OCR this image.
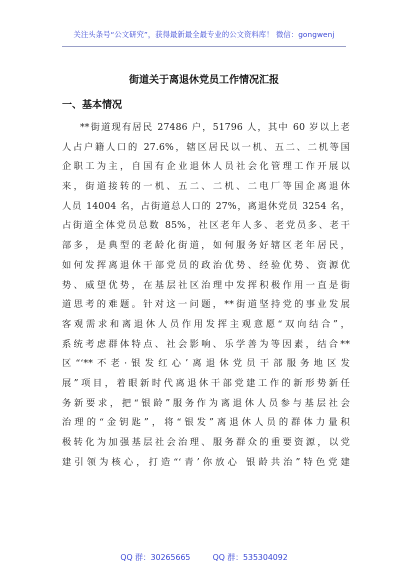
关注头条号“公文研究”，获得最新最全最专业的公文资料库！ 微信：gongwenj
街道关于离退休党员工作情况汇报
一、基本情况
**街道现有居民 27486 户，51796 人，其中 60 岁以上老
人占户籍人口的 27.6%，辖区居民以一机、五二、二机等国
企职工为主，自国有企业退休人员社会化管理工作开展以
来，街道接转的一机、五二、二机、二电厂等国企离退休
人员 14004 名，占街道总人口的 27%，离退休党员 3254 名，
占街道全体党员总数 85%，社区老年人多、老党员多、老干
部多，是典型的老龄化街道，如何服务好辖区老年居民，
如何发挥离退休干部党员的政治优势、经验优势、资源优
势、威望优势，在基层社区治理中发挥积极作用一直是街
道思考的难题。针对这一问题，**街道坚持党的事业发展
客观需求和离退休人员作用发挥主观意愿“双向结合”，
系统考虑群体特点、社会影响、乐学善为等因素，结合**
区“‘**不老·银发红心’离退休党员干部服务地区发
展”项目，着眼新时代离退休干部党建工作的新形势新任
务新要求，把“银龄”服务作为离退休人员参与基层社会
治理的“金钥匙”，将“银发”离退休人员的群体力量积
极转化为加强基层社会治理、服务群众的重要资源，以党
建引领为核心，打造“‘青’你放心 银龄共治”特色党建
QQ 群：30265665	QQ 群：535304092
